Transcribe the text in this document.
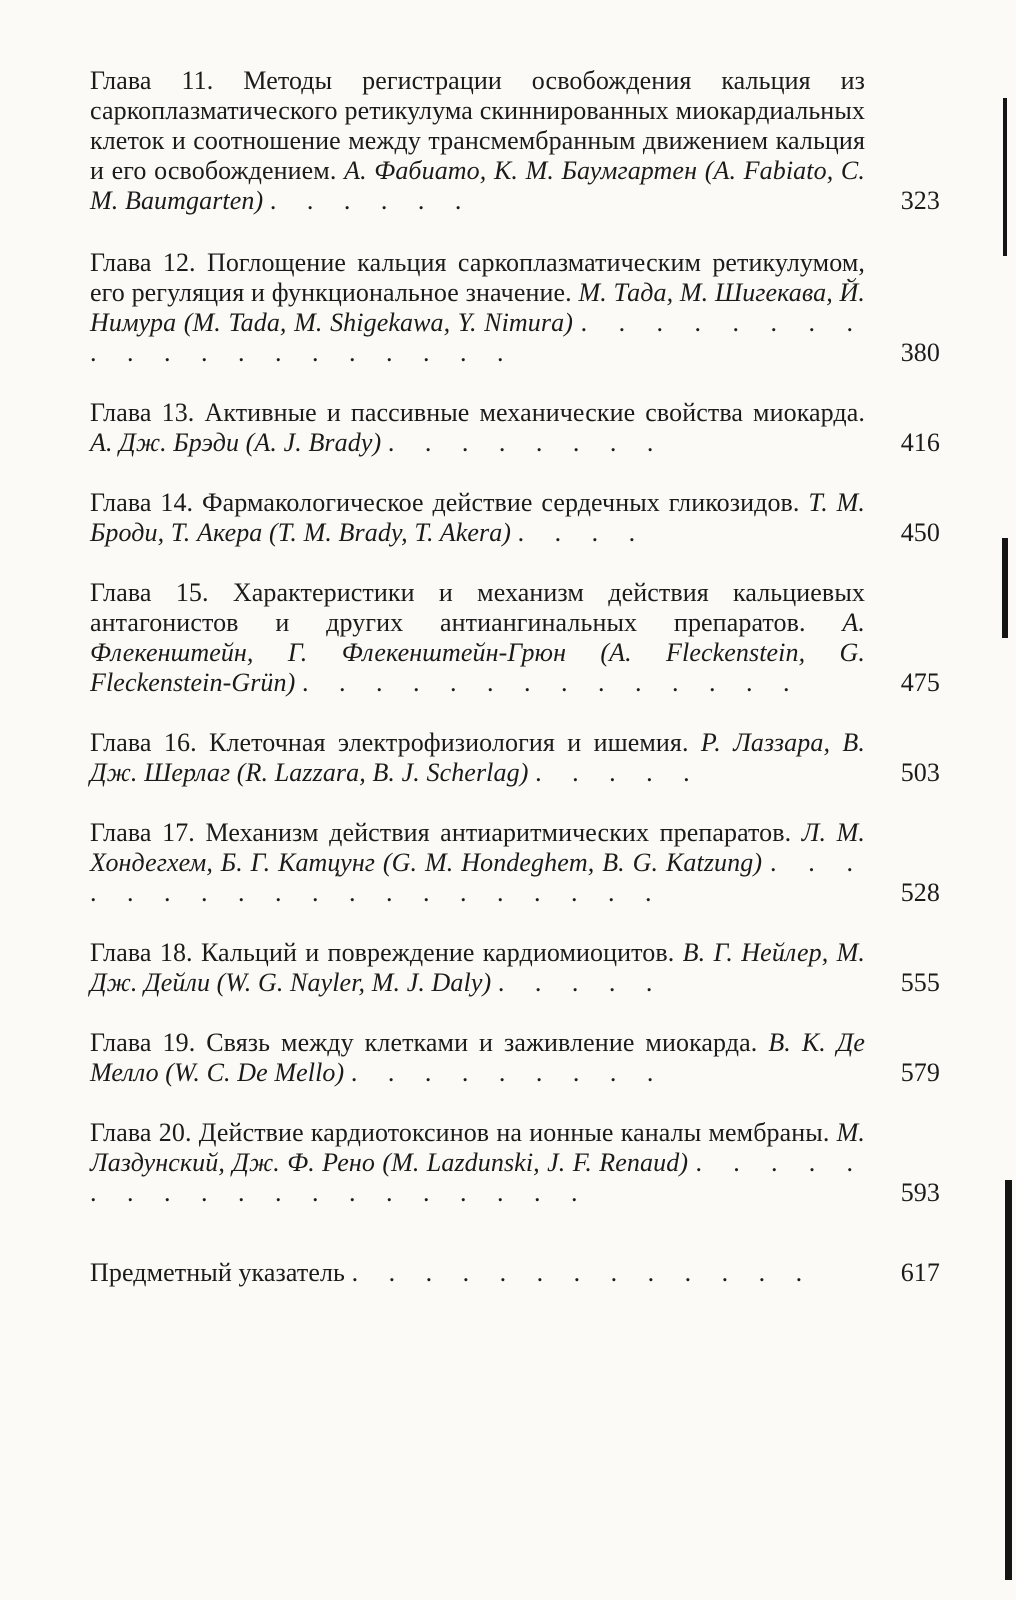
Глава 11. Методы регистрации освобождения кальция из саркоплазматического ретикулума скиннированных миокардиальных клеток и соотношение между трансмембранным движением кальция и его освобождением. А. Фабиато, К. М. Баумгартен (A. Fabiato, C. M. Baumgarten) . . . . . .	323
Глава 12. Поглощение кальция саркоплазматическим ретикулумом, его регуляция и функциональное значение. М. Тада, М. Шигекава, Й. Нимура (M. Tada, M. Shigekawa, Y. Nimura) . . . . . . . . . . . . . . . . . . . .	380
Глава 13. Активные и пассивные механические свойства миокарда. А. Дж. Брэди (A. J. Brady) . . . . . . . .	416
Глава 14. Фармакологическое действие сердечных гликозидов. Т. М. Броди, Т. Акера (T. M. Brady, T. Akera) . . . .	450
Глава 15. Характеристики и механизм действия кальциевых антагонистов и других антиангинальных препаратов. А. Флекенштейн, Г. Флекенштейн-Грюн (A. Fleckenstein, G. Fleckenstein-Grün) . . . . . . . . . . . . . .	475
Глава 16. Клеточная электрофизиология и ишемия. Р. Лаззара, В. Дж. Шерлаг (R. Lazzara, B. J. Scherlag) . . . . .	503
Глава 17. Механизм действия антиаритмических препаратов. Л. М. Хондегхем, Б. Г. Катцунг (G. M. Hondeghem, B. G. Katzung) . . . . . . . . . . . . . . . . . . .	528
Глава 18. Кальций и повреждение кардиомиоцитов. В. Г. Нейлер, М. Дж. Дейли (W. G. Nayler, M. J. Daly) . . . . .	555
Глава 19. Связь между клетками и заживление миокарда. В. К. Де Мелло (W. C. De Mello) . . . . . . . . .	579
Глава 20. Действие кардиотоксинов на ионные каналы мембраны. М. Лаздунский, Дж. Ф. Рено (M. Lazdunski, J. F. Renaud) . . . . . . . . . . . . . . . . . . .	593
Предметный указатель . . . . . . . . . . . . .	617
